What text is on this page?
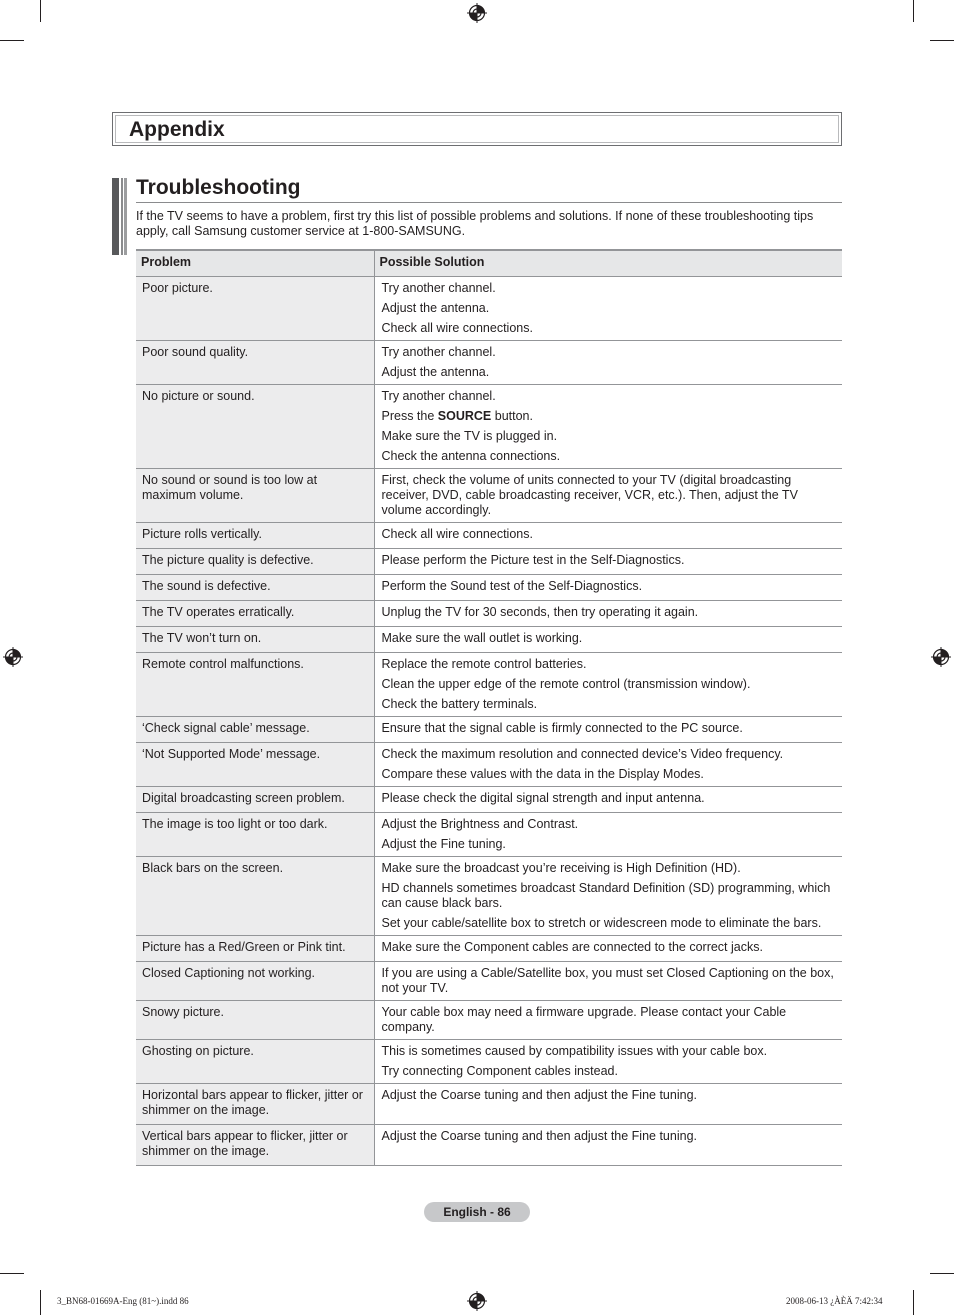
Appendix
Troubleshooting

If the TV seems to have a problem, first try this list of possible problems and solutions. If none of these troubleshooting tips apply, call Samsung customer service at 1-800-SAMSUNG.

Problem	Possible Solution
Poor picture.	Try another channel.
Adjust the antenna.
Check all wire connections.

Poor sound quality.	Try another channel.
Adjust the antenna.

No picture or sound.	Try another channel.
Press the SOURCE button.
Make sure the TV is plugged in.
Check the antenna connections.

No sound or sound is too low at maximum volume.	First, check the volume of units connected to your TV (digital broadcasting receiver, DVD, cable broadcasting receiver, VCR, etc.). Then, adjust the TV volume accordingly.

Picture rolls vertically.	Check all wire connections.

The picture quality is defective.	Please perform the Picture test in the Self-Diagnostics.

The sound is defective.	Perform the Sound test of the Self-Diagnostics.

The TV operates erratically.	Unplug the TV for 30 seconds, then try operating it again.

The TV won’t turn on.	Make sure the wall outlet is working.

Remote control malfunctions.	Replace the remote control batteries.
Clean the upper edge of the remote control (transmission window).
Check the battery terminals.

‘Check signal cable’ message.	Ensure that the signal cable is firmly connected to the PC source.

‘Not Supported Mode’ message.	Check the maximum resolution and connected device’s Video frequency.
Compare these values with the data in the Display Modes.

Digital broadcasting screen problem.	Please check the digital signal strength and input antenna.

The image is too light or too dark.	Adjust the Brightness and Contrast.
Adjust the Fine tuning.

Black bars on the screen.	Make sure the broadcast you’re receiving is High Definition (HD).
HD channels sometimes broadcast Standard Definition (SD) programming, which can cause black bars.
Set your cable/satellite box to stretch or widescreen mode to eliminate the bars.

Picture has a Red/Green or Pink tint.	Make sure the Component cables are connected to the correct jacks.

Closed Captioning not working.	If you are using a Cable/Satellite box, you must set Closed Captioning on the box, not your TV.

Snowy picture.	Your cable box may need a firmware upgrade. Please contact your Cable company.

Ghosting on picture.	This is sometimes caused by compatibility issues with your cable box.
Try connecting Component cables instead.

Horizontal bars appear to flicker, jitter or shimmer on the image.	Adjust the Coarse tuning and then adjust the Fine tuning.

Vertical bars appear to flicker, jitter or shimmer on the image.	Adjust the Coarse tuning and then adjust the Fine tuning.
English - 86
3_BN68-01669A-Eng (81~).indd 86	2008-06-13 ¿ÀÈÄ 7:42:34
